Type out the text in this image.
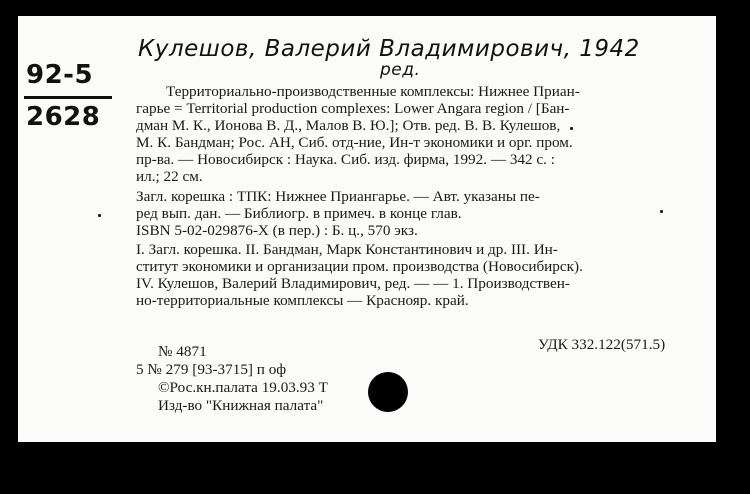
Кулешов, Валерий Владимирович, 1942
ред.
92-5
2628
Территориально-производственные комплексы: Нижнее Приан-
гарье = Territorial production complexes: Lower Angara region / [Бан-
дман М. К., Ионова В. Д., Малов В. Ю.]; Отв. ред. В. В. Кулешов,
М. К. Бандман; Рос. АН, Сиб. отд-ние, Ин-т экономики и орг. пром.
пр-ва. — Новосибирск : Наука. Сиб. изд. фирма, 1992. — 342 с. :
ил.; 22 см.
Загл. корешка : ТПК: Нижнее Приангарье. — Авт. указаны пе-
ред вып. дан. — Библиогр. в примеч. в конце глав.
ISBN 5-02-029876-X (в пер.) : Б. ц., 570 экз.
I. Загл. корешка. II. Бандман, Марк Константинович и др. III. Ин-
ститут экономики и организации пром. производства (Новосибирск).
IV. Кулешов, Валерий Владимирович, ред. — — 1. Производствен-
но-территориальные комплексы — Краснояр. край.
№ 4871	УДК 332.122(571.5)
5 № 279 [93-3715] п оф
©Рос.кн.палата 19.03.93 Т
Изд-во "Книжная палата"
